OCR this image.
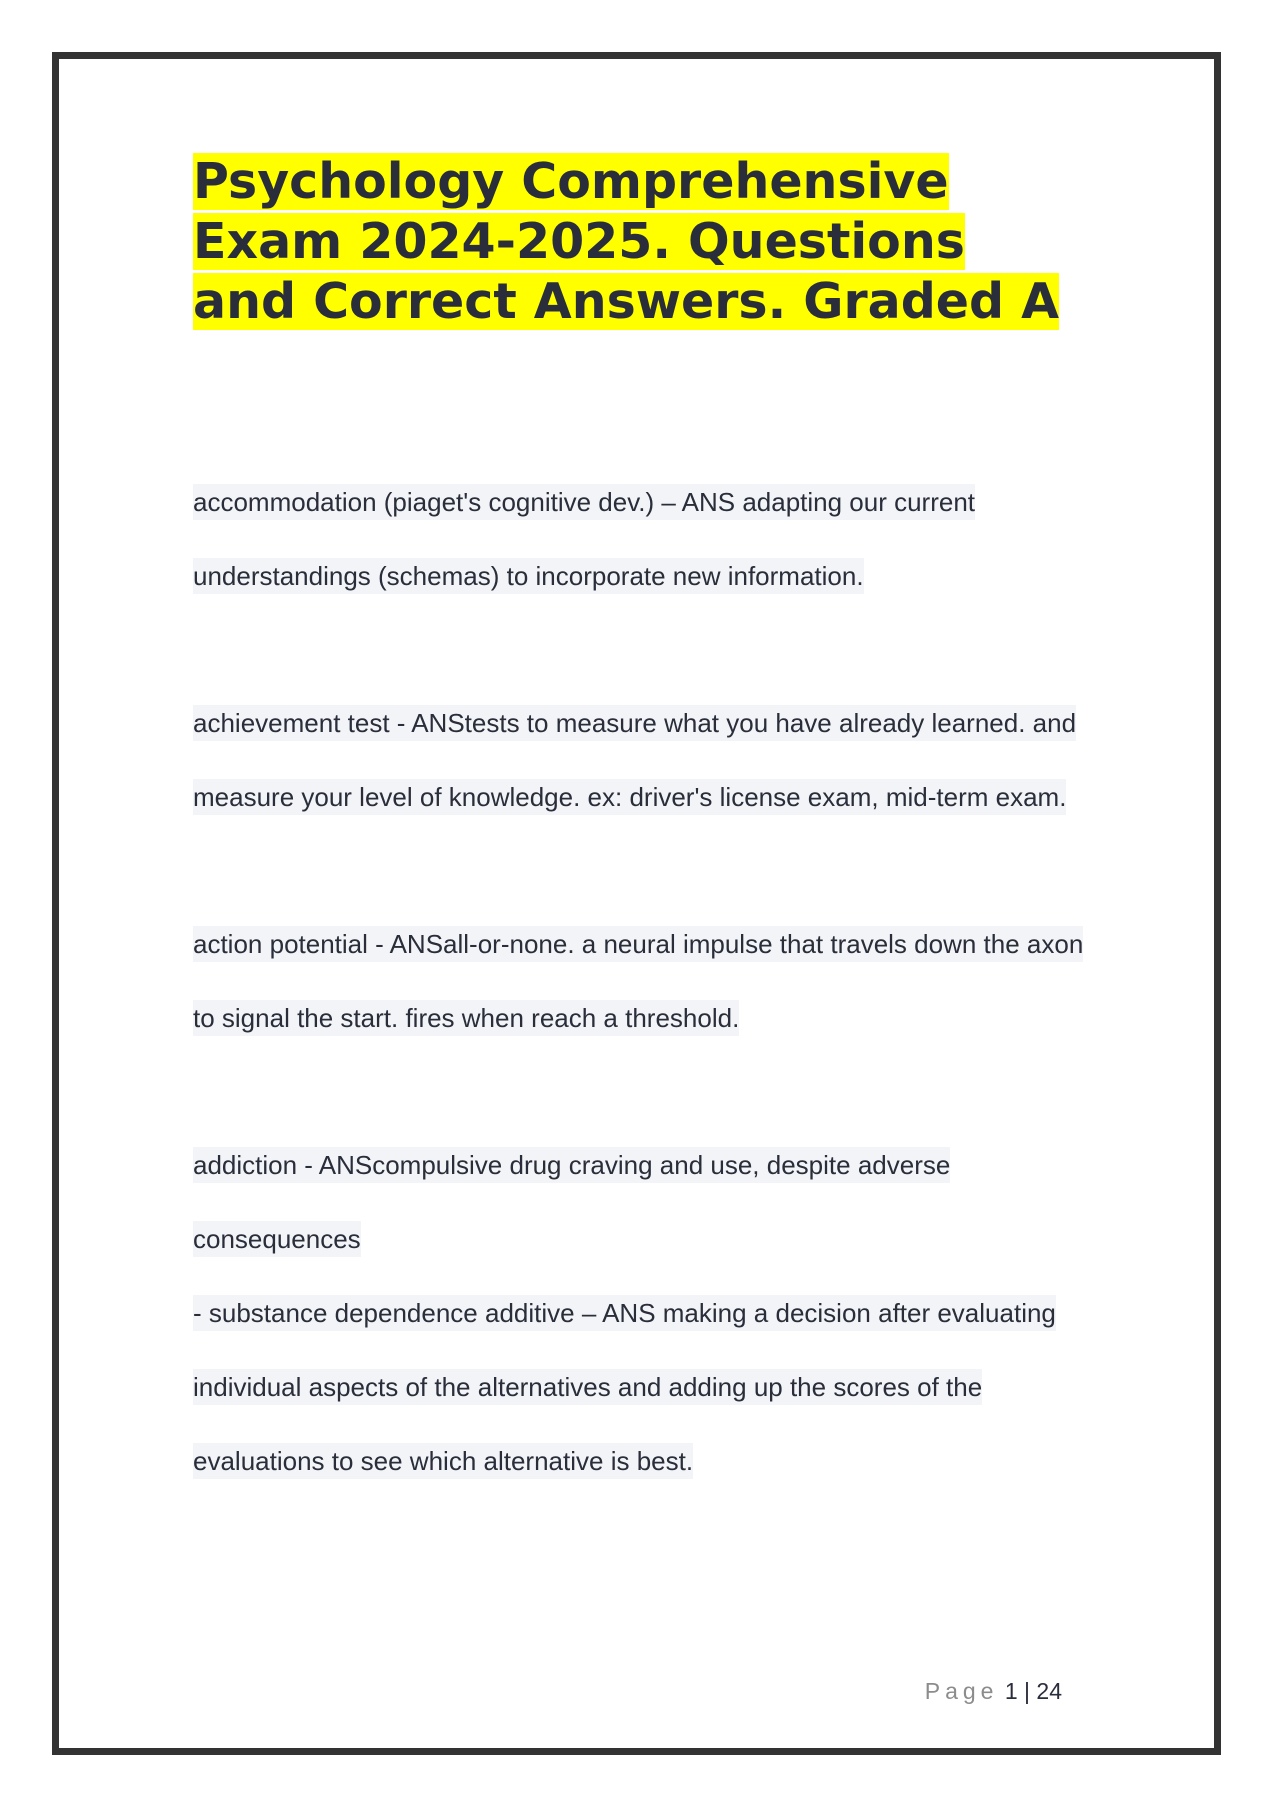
Psychology Comprehensive Exam 2024-2025. Questions and Correct Answers. Graded A

accommodation (piaget's cognitive dev.) – ANS adapting our current understandings (schemas) to incorporate new information.

achievement test - ANStests to measure what you have already learned. and measure your level of knowledge. ex: driver's license exam, mid-term exam.

action potential - ANSall-or-none. a neural impulse that travels down the axon to signal the start. fires when reach a threshold.

addiction - ANScompulsive drug craving and use, despite adverse consequences

- substance dependence additive – ANS making a decision after evaluating individual aspects of the alternatives and adding up the scores of the evaluations to see which alternative is best.

Page 1 | 24
